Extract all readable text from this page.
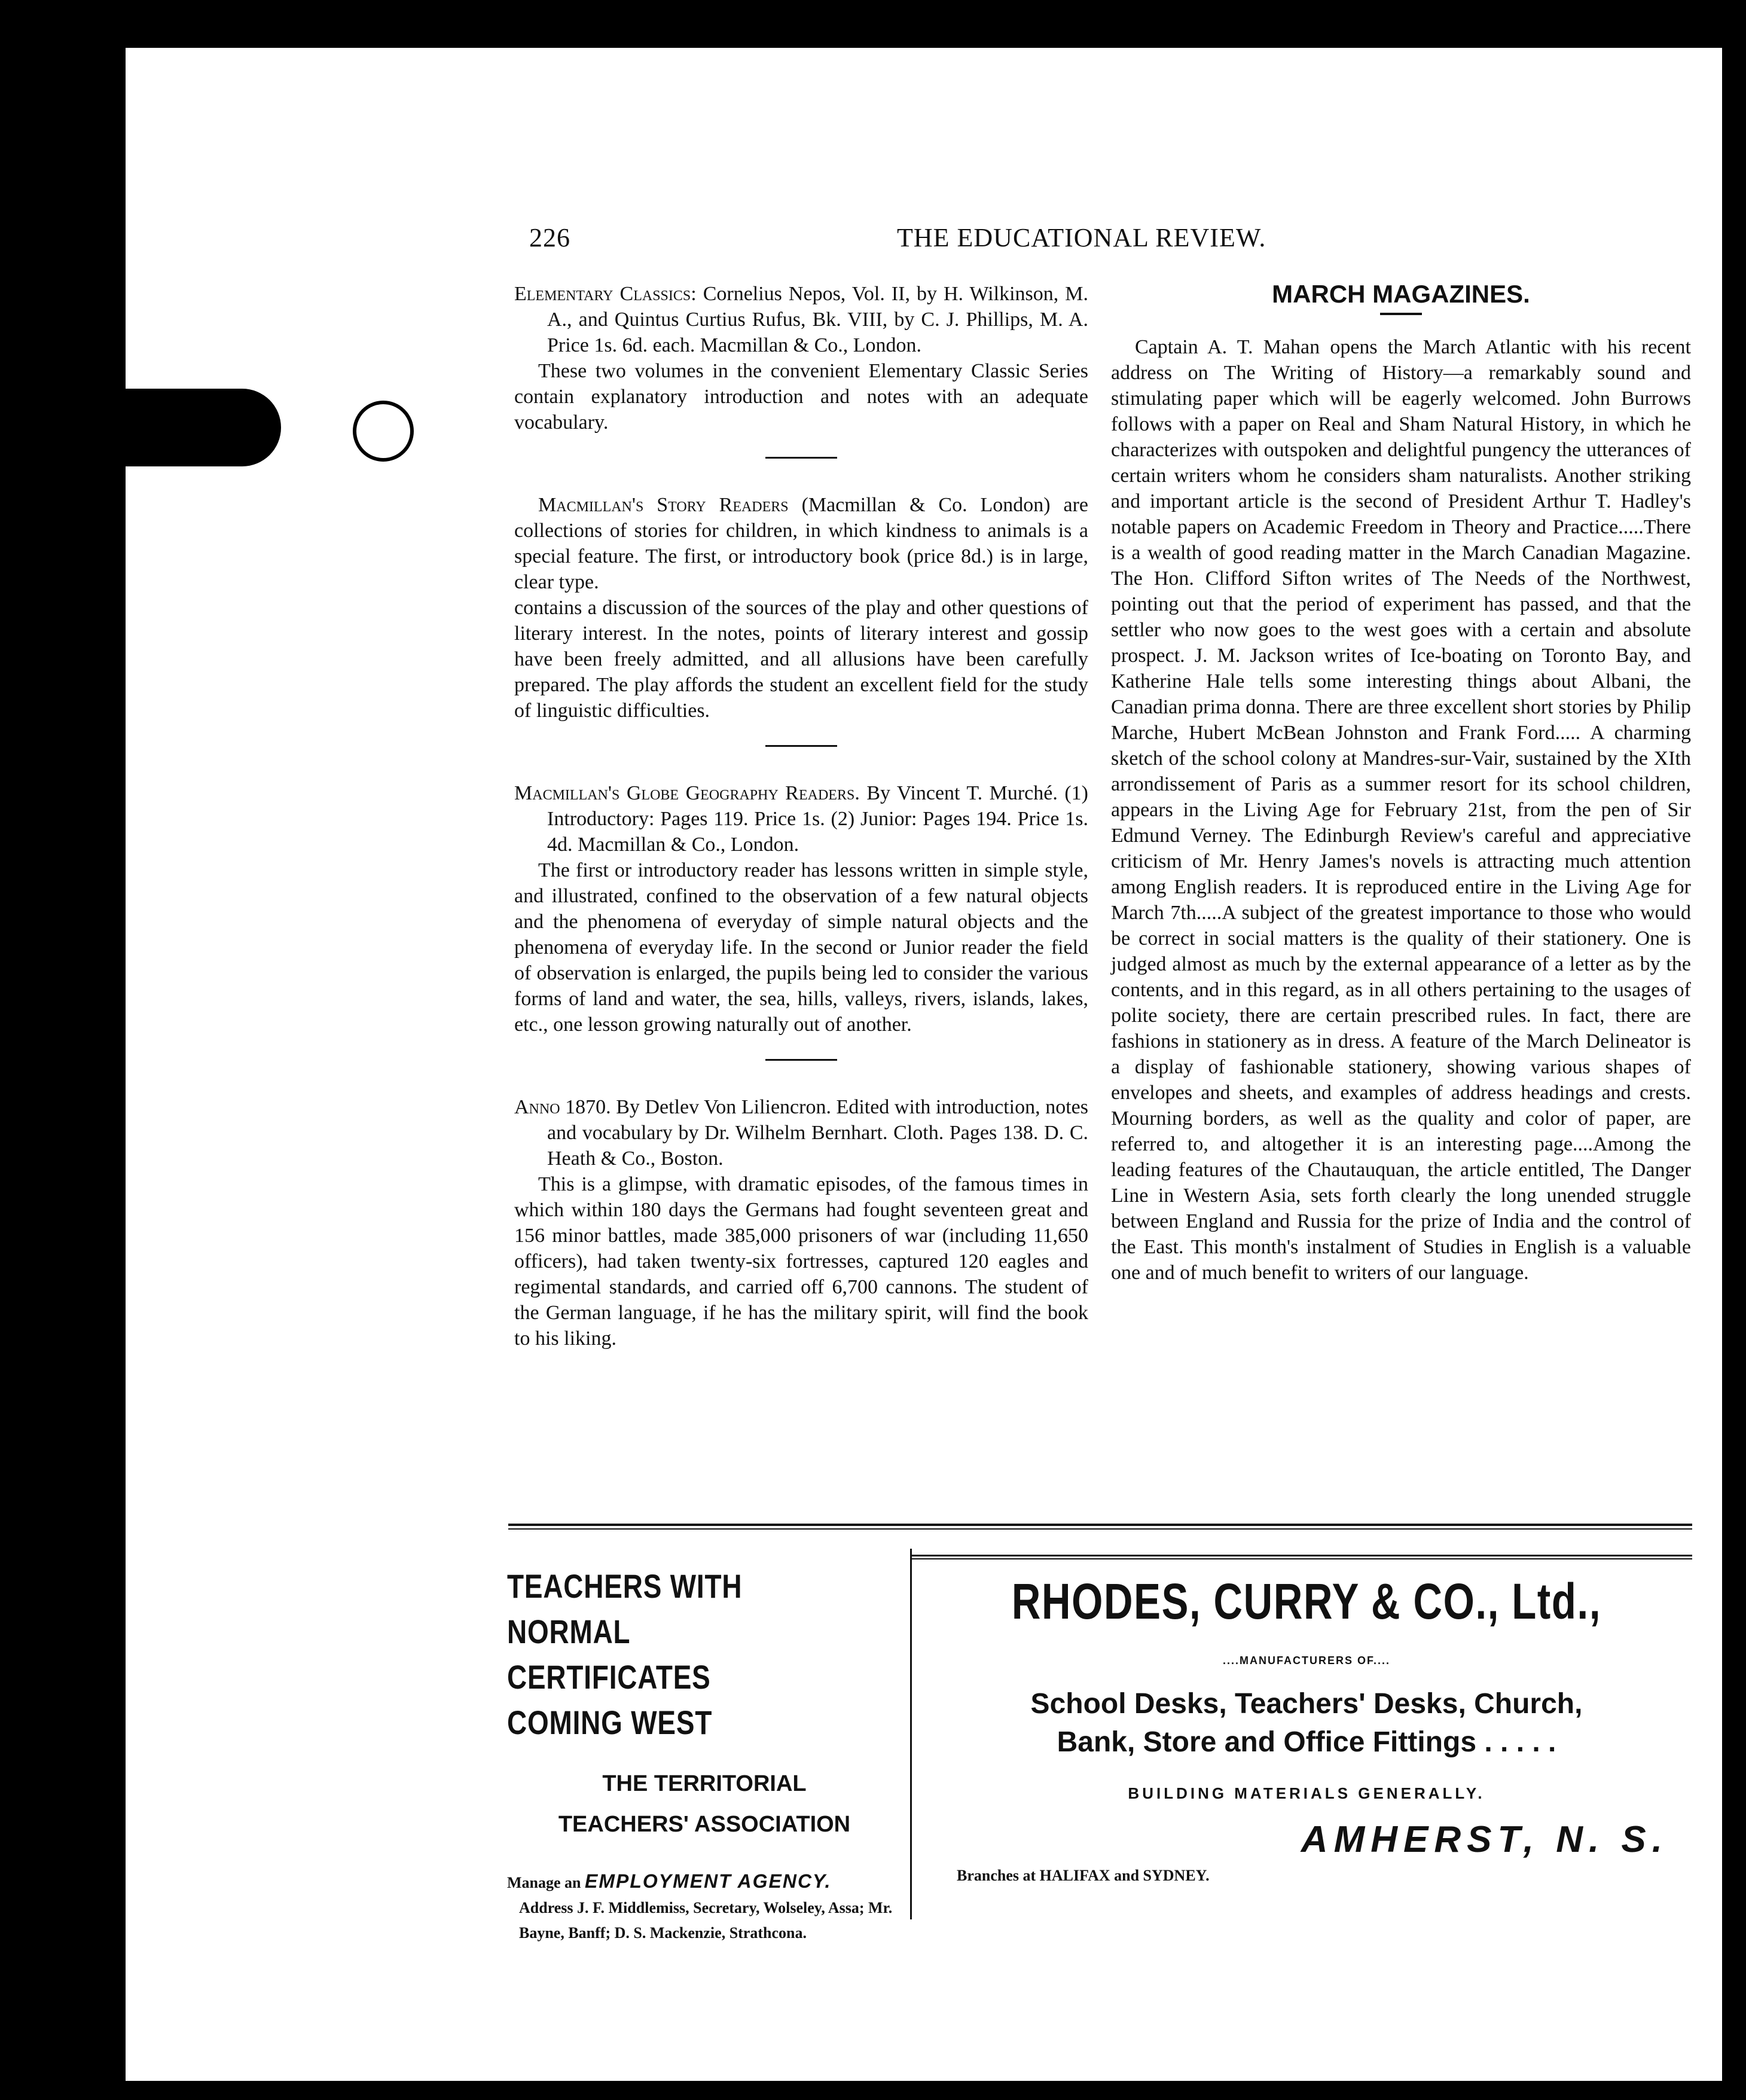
226	THE EDUCATIONAL REVIEW.

Elementary Classics: Cornelius Nepos, Vol. II, by H. Wilkinson, M. A., and Quintus Curtius Rufus, Bk. VIII, by C. J. Phillips, M. A. Price 1s. 6d. each. Macmillan & Co., London.

These two volumes in the convenient Elementary Classic Series contain explanatory introduction and notes with an adequate vocabulary.

Macmillan's Story Readers (Macmillan & Co. London) are collections of stories for children, in which kindness to animals is a special feature. The first, or introductory book (price 8d.) is in large, clear type.

contains a discussion of the sources of the play and other questions of literary interest. In the notes, points of literary interest and gossip have been freely admitted, and all allusions have been carefully prepared. The play affords the student an excellent field for the study of linguistic difficulties.

Macmillan's Globe Geography Readers. By Vincent T. Murché. (1) Introductory: Pages 119. Price 1s. (2) Junior: Pages 194. Price 1s. 4d. Macmillan & Co., London.

The first or introductory reader has lessons written in simple style, and illustrated, confined to the observation of a few natural objects and the phenomena of everyday of simple natural objects and the phenomena of everyday life. In the second or Junior reader the field of observation is enlarged, the pupils being led to consider the various forms of land and water, the sea, hills, valleys, rivers, islands, lakes, etc., one lesson growing naturally out of another.

Anno 1870. By Detlev Von Liliencron. Edited with introduction, notes and vocabulary by Dr. Wilhelm Bernhart. Cloth. Pages 138. D. C. Heath & Co., Boston.

This is a glimpse, with dramatic episodes, of the famous times in which within 180 days the Germans had fought seventeen great and 156 minor battles, made 385,000 prisoners of war (including 11,650 officers), had taken twenty-six fortresses, captured 120 eagles and regimental standards, and carried off 6,700 cannons. The student of the German language, if he has the military spirit, will find the book to his liking.

MARCH MAGAZINES.

Captain A. T. Mahan opens the March Atlantic with his recent address on The Writing of History—a remarkably sound and stimulating paper which will be eagerly welcomed. John Burrows follows with a paper on Real and Sham Natural History, in which he characterizes with outspoken and delightful pungency the utterances of certain writers whom he considers sham naturalists. Another striking and important article is the second of President Arthur T. Hadley's notable papers on Academic Freedom in Theory and Practice.....There is a wealth of good reading matter in the March Canadian Magazine. The Hon. Clifford Sifton writes of The Needs of the Northwest, pointing out that the period of experiment has passed, and that the settler who now goes to the west goes with a certain and absolute prospect. J. M. Jackson writes of Ice-boating on Toronto Bay, and Katherine Hale tells some interesting things about Albani, the Canadian prima donna. There are three excellent short stories by Philip Marche, Hubert McBean Johnston and Frank Ford..... A charming sketch of the school colony at Mandres-sur-Vair, sustained by the XIth arrondissement of Paris as a summer resort for its school children, appears in the Living Age for February 21st, from the pen of Sir Edmund Verney. The Edinburgh Review's careful and appreciative criticism of Mr. Henry James's novels is attracting much attention among English readers. It is reproduced entire in the Living Age for March 7th.....A subject of the greatest importance to those who would be correct in social matters is the quality of their stationery. One is judged almost as much by the external appearance of a letter as by the contents, and in this regard, as in all others pertaining to the usages of polite society, there are certain prescribed rules. In fact, there are fashions in stationery as in dress. A feature of the March Delineator is a display of fashionable stationery, showing various shapes of envelopes and sheets, and examples of address headings and crests. Mourning borders, as well as the quality and color of paper, are referred to, and altogether it is an interesting page....Among the leading features of the Chautauquan, the article entitled, The Danger Line in Western Asia, sets forth clearly the long unended struggle between England and Russia for the prize of India and the control of the East. This month's instalment of Studies in English is a valuable one and of much benefit to writers of our language.

TEACHERS WITH NORMAL

CERTIFICATES COMING WEST

THE TERRITORIAL
TEACHERS' ASSOCIATION

Manage an EMPLOYMENT AGENCY.

Address J. F. Middlemiss, Secretary, Wolseley, Assa; Mr. Bayne, Banff; D. S. Mackenzie, Strathcona.

RHODES, CURRY & CO., Ltd.,

....MANUFACTURERS OF....

School Desks, Teachers' Desks, Church,

Bank, Store and Office Fittings . . . . .

BUILDING MATERIALS GENERALLY.

AMHERST, N. S.

Branches at HALIFAX and SYDNEY.
